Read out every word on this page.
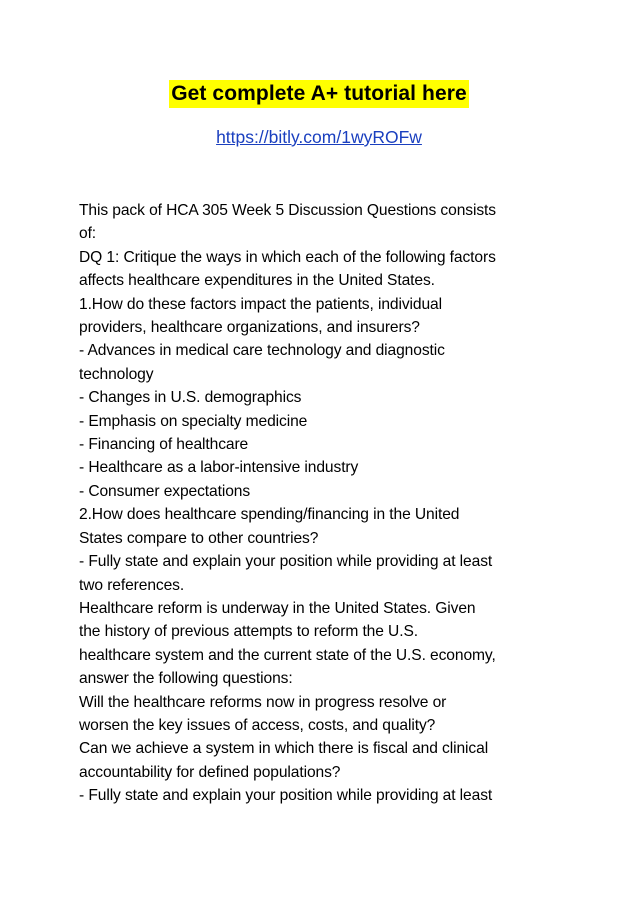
Get complete A+ tutorial here
https://bitly.com/1wyROFw
This pack of HCA 305 Week 5 Discussion Questions consists
of:
DQ 1: Critique the ways in which each of the following factors
affects healthcare expenditures in the United States.
1.How do these factors impact the patients, individual
providers, healthcare organizations, and insurers?
- Advances in medical care technology and diagnostic
technology
- Changes in U.S. demographics
- Emphasis on specialty medicine
- Financing of healthcare
- Healthcare as a labor-intensive industry
- Consumer expectations
2.How does healthcare spending/financing in the United
States compare to other countries?
- Fully state and explain your position while providing at least
two references.
Healthcare reform is underway in the United States. Given
the history of previous attempts to reform the U.S.
healthcare system and the current state of the U.S. economy,
answer the following questions:
Will the healthcare reforms now in progress resolve or
worsen the key issues of access, costs, and quality?
Can we achieve a system in which there is fiscal and clinical
accountability for defined populations?
- Fully state and explain your position while providing at least
